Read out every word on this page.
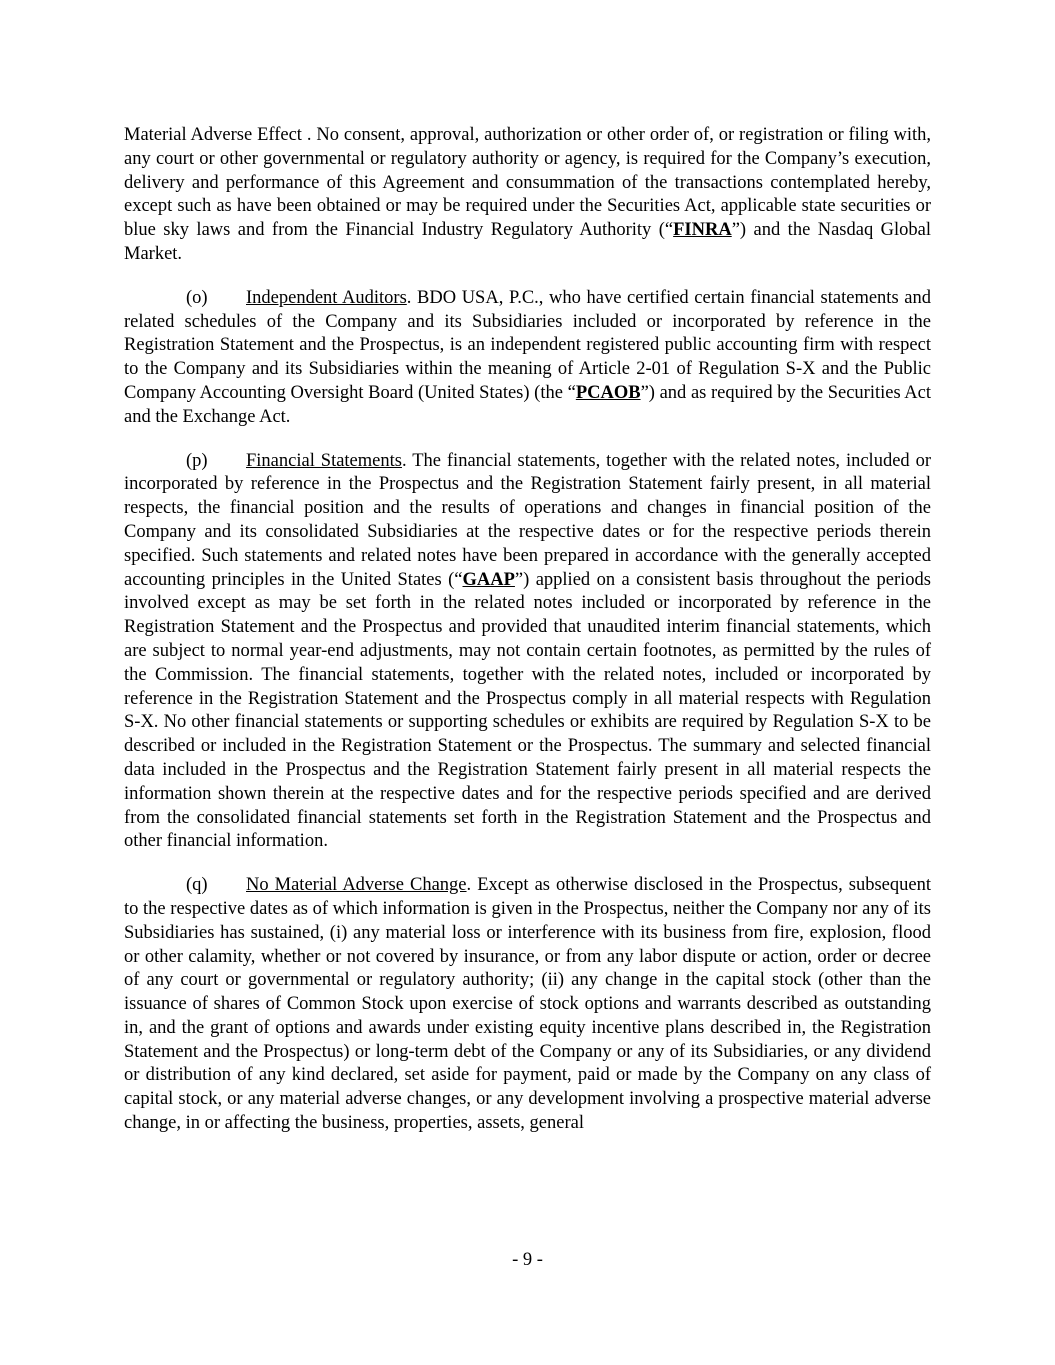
Material Adverse Effect . No consent, approval, authorization or other order of, or registration or filing with, any court or other governmental or regulatory authority or agency, is required for the Company’s execution, delivery and performance of this Agreement and consummation of the transactions contemplated hereby, except such as have been obtained or may be required under the Securities Act, applicable state securities or blue sky laws and from the Financial Industry Regulatory Authority (“FINRA”) and the Nasdaq Global Market.

(o) Independent Auditors. BDO USA, P.C., who have certified certain financial statements and related schedules of the Company and its Subsidiaries included or incorporated by reference in the Registration Statement and the Prospectus, is an independent registered public accounting firm with respect to the Company and its Subsidiaries within the meaning of Article 2-01 of Regulation S-X and the Public Company Accounting Oversight Board (United States) (the “PCAOB”) and as required by the Securities Act and the Exchange Act.

(p) Financial Statements. The financial statements, together with the related notes, included or incorporated by reference in the Prospectus and the Registration Statement fairly present, in all material respects, the financial position and the results of operations and changes in financial position of the Company and its consolidated Subsidiaries at the respective dates or for the respective periods therein specified. Such statements and related notes have been prepared in accordance with the generally accepted accounting principles in the United States (“GAAP”) applied on a consistent basis throughout the periods involved except as may be set forth in the related notes included or incorporated by reference in the Registration Statement and the Prospectus and provided that unaudited interim financial statements, which are subject to normal year-end adjustments, may not contain certain footnotes, as permitted by the rules of the Commission. The financial statements, together with the related notes, included or incorporated by reference in the Registration Statement and the Prospectus comply in all material respects with Regulation S-X. No other financial statements or supporting schedules or exhibits are required by Regulation S-X to be described or included in the Registration Statement or the Prospectus. The summary and selected financial data included in the Prospectus and the Registration Statement fairly present in all material respects the information shown therein at the respective dates and for the respective periods specified and are derived from the consolidated financial statements set forth in the Registration Statement and the Prospectus and other financial information.

(q) No Material Adverse Change. Except as otherwise disclosed in the Prospectus, subsequent to the respective dates as of which information is given in the Prospectus, neither the Company nor any of its Subsidiaries has sustained, (i) any material loss or interference with its business from fire, explosion, flood or other calamity, whether or not covered by insurance, or from any labor dispute or action, order or decree of any court or governmental or regulatory authority; (ii) any change in the capital stock (other than the issuance of shares of Common Stock upon exercise of stock options and warrants described as outstanding in, and the grant of options and awards under existing equity incentive plans described in, the Registration Statement and the Prospectus) or long-term debt of the Company or any of its Subsidiaries, or any dividend or distribution of any kind declared, set aside for payment, paid or made by the Company on any class of capital stock, or any material adverse changes, or any development involving a prospective material adverse change, in or affecting the business, properties, assets, general

- 9 -
